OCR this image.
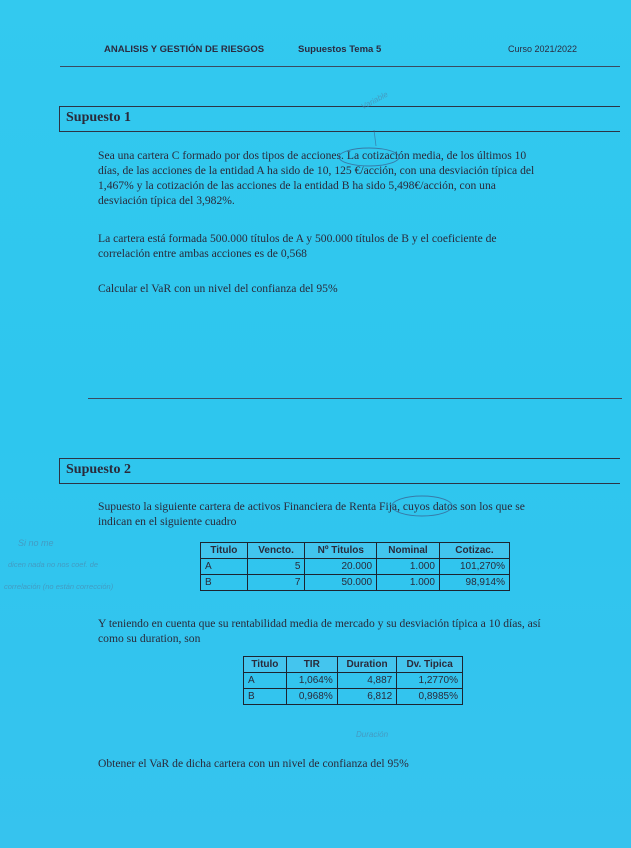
ANALISIS Y GESTIÓN DE RIESGOS	Supuestos Tema 5	Curso 2021/2022
Supuesto 1
Sea una cartera C formado por dos tipos de acciones. La cotización media, de los últimos 10
días, de las acciones de la entidad A ha sido de 10, 125 €/acción, con una desviación típica del
1,467% y la cotización de las acciones de la entidad B ha sido 5,498€/acción, con una
desviación típica del 3,982%.
La cartera está formada 500.000 títulos de A y 500.000 títulos de B y el coeficiente de
correlación entre ambas acciones es de 0,568
Calcular el VaR con un nivel del confianza del 95%
Supuesto 2
Supuesto la siguiente cartera de activos Financiera de Renta Fija, cuyos datos son los que se
indican en el siguiente cuadro
Titulo	Vencto.	Nº Titulos	Nominal	Cotizac.
A	5	20.000	1.000	101,270%
B	7	50.000	1.000	98,914%
Y teniendo en cuenta que su rentabilidad media de mercado y su desviación típica a 10 días, así
como su duration, son
Titulo	TIR	Duration	Dv. Tipica
A	1,064%	4,887	1,2770%
B	0,968%	6,812	0,8985%
Obtener el VaR de dicha cartera con un nivel de confianza del 95%
Variable
Si no me
dicen nada no nos coef. de
correlación (no están corrección)
Duración
